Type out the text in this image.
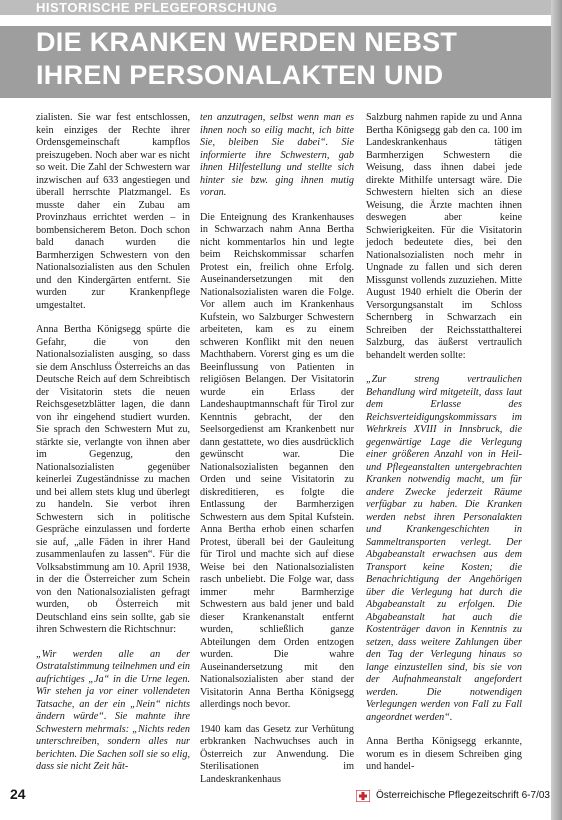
HISTORISCHE PFLEGEFORSCHUNG
DIE KRANKEN WERDEN NEBST
IHREN PERSONALAKTEN UND

zialisten. Sie war fest entschlossen, kein einziges der Rechte ihrer Ordensgemeinschaft kampflos preiszugeben. Noch aber war es nicht so weit. Die Zahl der Schwestern war inzwischen auf 633 angestiegen und überall herrschte Platzmangel. Es musste daher ein Zubau am Provinzhaus errichtet werden – in bombensicherem Beton. Doch schon bald danach wurden die Barmherzigen Schwestern von den Nationalsozialisten aus den Schulen und den Kindergärten entfernt. Sie wurden zur Krankenpflege umgestaltet.

Anna Bertha Königsegg spürte die Gefahr, die von den Nationalsozialisten ausging, so dass sie dem Anschluss Österreichs an das Deutsche Reich auf dem Schreibtisch der Visitatorin stets die neuen Reichsgesetzblätter lagen, die dann von ihr eingehend studiert wurden. Sie sprach den Schwestern Mut zu, stärkte sie, verlangte von ihnen aber im Gegenzug, den Nationalsozialisten gegenüber keinerlei Zugeständnisse zu machen und bei allem stets klug und überlegt zu handeln. Sie verbot ihren Schwestern sich in politische Gespräche einzulassen und forderte sie auf, „alle Fäden in ihrer Hand zusammenlaufen zu lassen“. Für die Volksabstimmung am 10. April 1938, in der die Österreicher zum Schein von den Nationalsozialisten gefragt wurden, ob Österreich mit Deutschland eins sein sollte, gab sie ihren Schwestern die Richtschnur:

„Wir werden alle an der Ostratalstimmung teilnehmen und ein aufrichtiges „Ja“ in die Urne legen. Wir stehen ja vor einer vollendeten Tatsache, an der ein „Nein“ nichts ändern würde“. Sie mahnte ihre Schwestern mehrmals: „Nichts reden unterschreiben, sondern alles nur berichten. Die Sachen soll sie so elig, dass sie nicht Zeit hät-

ten anzutragen, selbst wenn man es ihnen noch so eilig macht, ich bitte Sie, bleiben Sie dabei“. Sie informierte ihre Schwestern, gab ihnen Hilfestellung und stellte sich hinter sie bzw. ging ihnen mutig voran.

Die Enteignung des Krankenhauses in Schwarzach nahm Anna Bertha nicht kommentarlos hin und legte beim Reichskommissar scharfen Protest ein, freilich ohne Erfolg. Auseinandersetzungen mit den Nationalsozialisten waren die Folge. Vor allem auch im Krankenhaus Kufstein, wo Salzburger Schwestern arbeiteten, kam es zu einem schweren Konflikt mit den neuen Machthabern. Vorerst ging es um die Beeinflussung von Patienten in religiösen Belangen. Der Visitatorin wurde ein Erlass der Landeshauptmannschaft für Tirol zur Kenntnis gebracht, der den Seelsorgedienst am Krankenbett nur dann gestattete, wo dies ausdrücklich gewünscht war. Die Nationalsozialisten begannen den Orden und seine Visitatorin zu diskreditieren, es folgte die Entlassung der Barmherzigen Schwestern aus dem Spital Kufstein. Anna Bertha erhob einen scharfen Protest, überall bei der Gauleitung für Tirol und machte sich auf diese Weise bei den Nationalsozialisten rasch unbeliebt. Die Folge war, dass immer mehr Barmherzige Schwestern aus bald jener und bald dieser Krankenanstalt entfernt wurden, schließlich ganze Abteilungen dem Orden entzogen wurden. Die wahre Auseinandersetzung mit den Nationalsozialisten aber stand der Visitatorin Anna Bertha Königsegg allerdings noch bevor.

1940 kam das Gesetz zur Verhütung erbkranken Nachwuchses auch in Österreich zur Anwendung. Die Sterilisationen im Landeskrankenhaus

Salzburg nahmen rapide zu und Anna Bertha Königsegg gab den ca. 100 im Landeskrankenhaus tätigen Barmherzigen Schwestern die Weisung, dass ihnen dabei jede direkte Mithilfe untersagt wäre. Die Schwestern hielten sich an diese Weisung, die Ärzte machten ihnen deswegen aber keine Schwierigkeiten. Für die Visitatorin jedoch bedeutete dies, bei den Nationalsozialisten noch mehr in Ungnade zu fallen und sich deren Missgunst vollends zuzuziehen. Mitte August 1940 erhielt die Oberin der Versorgungsanstalt im Schloss Schernberg in Schwarzach ein Schreiben der Reichsstatthalterei Salzburg, das äußerst vertraulich behandelt werden sollte:

„Zur streng vertraulichen Behandlung wird mitgeteilt, dass laut dem Erlasse des Reichsverteidigungskommissars im Wehrkreis XVIII in Innsbruck, die gegenwärtige Lage die Verlegung einer größeren Anzahl von in Heil- und Pflegeanstalten untergebrachten Kranken notwendig macht, um für andere Zwecke jederzeit Räume verfügbar zu haben. Die Kranken werden nebst ihren Personalakten und Krankengeschichten in Sammeltransporten verlegt. Der Abgabeanstalt erwachsen aus dem Transport keine Kosten; die Benachrichtigung der Angehörigen über die Verlegung hat durch die Abgabeanstalt zu erfolgen. Die Abgabeanstalt hat auch die Kostenträger davon in Kenntnis zu setzen, dass weitere Zahlungen über den Tag der Verlegung hinaus so lange einzustellen sind, bis sie von der Aufnahmeanstalt angefordert werden. Die notwendigen Verlegungen werden von Fall zu Fall angeordnet werden“.

Anna Bertha Königsegg erkannte, worum es in diesem Schreiben ging und handel-

24	Österreichische Pflegezeitschrift 6-7/03
